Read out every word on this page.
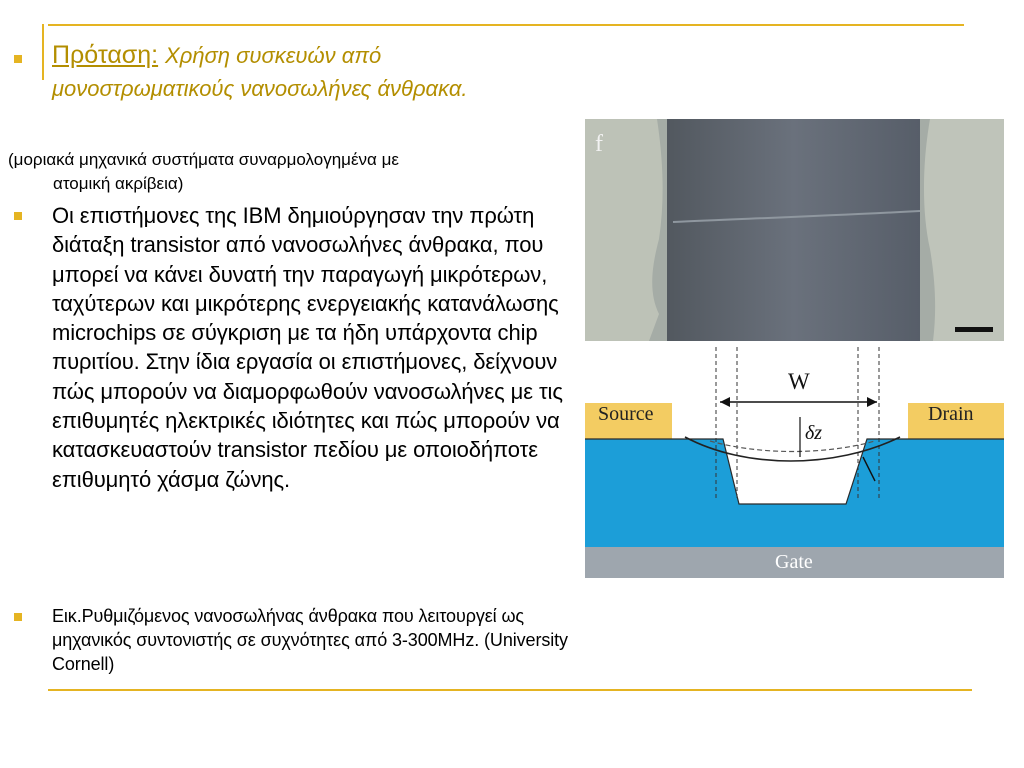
Πρόταση: Χρήση συσκευών από μονοστρωματικούς νανοσωλήνες άνθρακα.
(μοριακά μηχανικά συστήματα συναρμολογημένα με
ατομική ακρίβεια)
Οι επιστήμονες της IBM δημιούργησαν την πρώτη διάταξη transistor από νανοσωλήνες άνθρακα, που μπορεί να κάνει δυνατή την παραγωγή μικρότερων, ταχύτερων και μικρότερης ενεργειακής κατανάλωσης microchips σε σύγκριση με τα ήδη υπάρχοντα chip πυριτίου. Στην ίδια εργασία οι επιστήμονες, δείχνουν πώς μπορούν να διαμορφωθούν νανοσωλήνες με τις επιθυμητές ηλεκτρικές ιδιότητες και πώς μπορούν να κατασκευαστούν transistor πεδίου με οποιοδήποτε επιθυμητό χάσμα ζώνης.
Εικ.Ρυθμιζόμενος νανοσωλήνας άνθρακα που λειτουργεί ως μηχανικός συντονιστής σε συχνότητες από 3-300MHz. (University Cornell)
f
W
δz
Source	Drain
Gate
